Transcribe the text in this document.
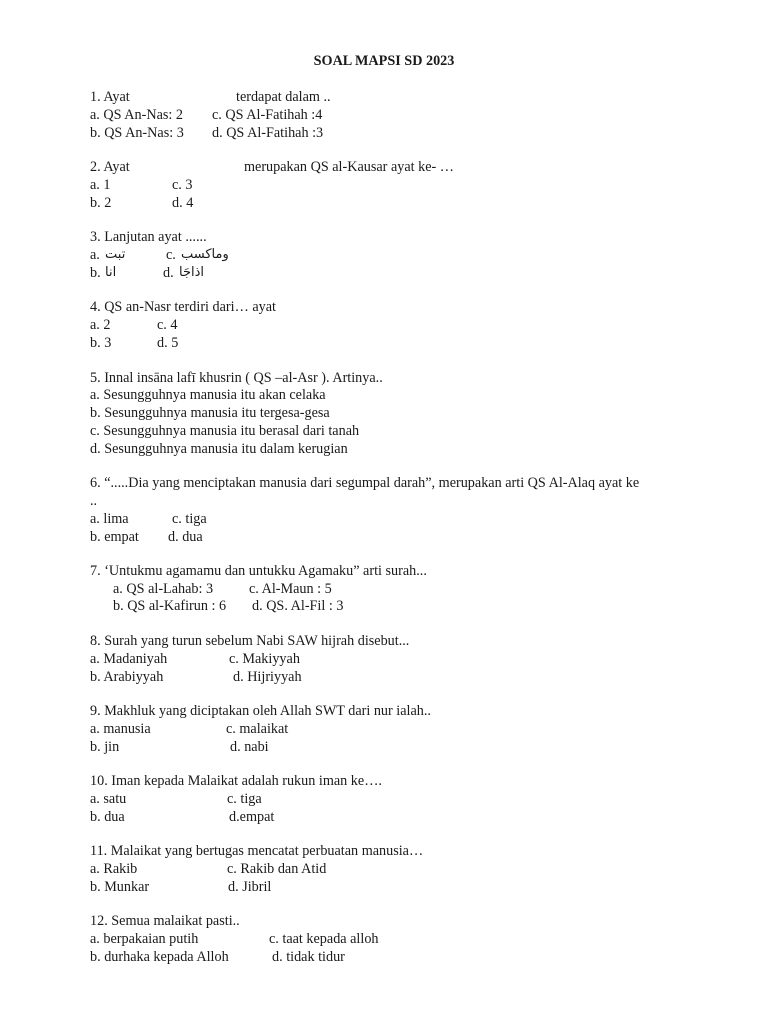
SOAL MAPSI SD 2023
1. Ayat	terdapat dalam ..
a. QS An-Nas: 2 c. QS Al-Fatihah :4
b. QS An-Nas: 3 d. QS Al-Fatihah :3
2. Ayat	merupakan QS al-Kausar ayat ke- …
a. 1	c. 3
b. 2	d. 4
3. Lanjutan ayat ......
a. تبت	c. وماكسب
b. انا	d. اذاجَا
4. QS an-Nasr terdiri dari… ayat
a. 2	c. 4
b. 3	d. 5
5. Innal insāna lafī khusrin ( QS –al-Asr ). Artinya..
a. Sesungguhnya manusia itu akan celaka
b. Sesungguhnya manusia itu tergesa-gesa
c. Sesungguhnya manusia itu berasal dari tanah
d. Sesungguhnya manusia itu dalam kerugian
6. “.....Dia yang menciptakan manusia dari segumpal darah”, merupakan arti QS Al-Alaq ayat ke
..
a. lima	c. tiga
b. empat d. dua
7. ‘Untukmu agamamu dan untukku Agamaku” arti surah...
a. QS al-Lahab: 3	c. Al-Maun : 5
b. QS al-Kafirun : 6 d. QS. Al-Fil : 3
8. Surah yang turun sebelum Nabi SAW hijrah disebut...
a. Madaniyah	c. Makiyyah
b. Arabiyyah	d. Hijriyyah
9. Makhluk yang diciptakan oleh Allah SWT dari nur ialah..
a. manusia	c. malaikat
b. jin	d. nabi
10. Iman kepada Malaikat adalah rukun iman ke….
a. satu	c. tiga
b. dua	d.empat
11. Malaikat yang bertugas mencatat perbuatan manusia…
a. Rakib	c. Rakib dan Atid
b. Munkar	d. Jibril
12. Semua malaikat pasti..
a. berpakaian putih	c. taat kepada alloh
b. durhaka kepada Alloh	d. tidak tidur
